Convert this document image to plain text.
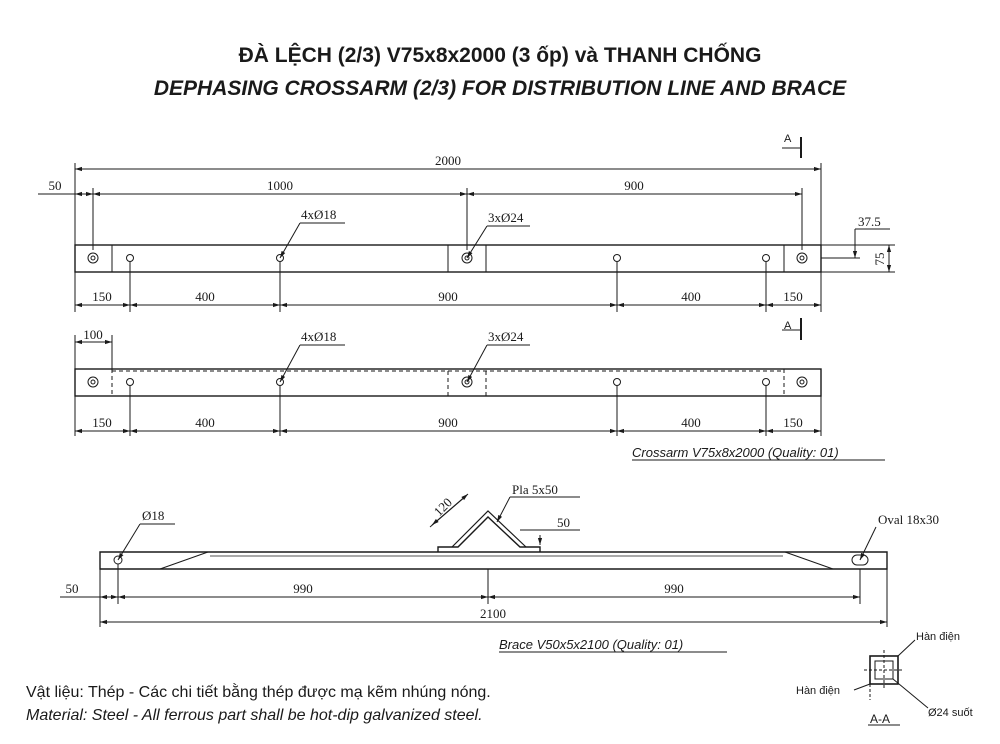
ĐÀ LỆCH (2/3) V75x8x2000 (3 ốp) và THANH CHỐNG
DEPHASING CROSSARM (2/3) FOR DISTRIBUTION LINE AND BRACE
A
2000
50	1000	900
37.5
75
4xØ18	3xØ24
150	400	900	400	150
A
100	4xØ18	3xØ24
150	400	900	400	150
Crossarm V75x8x2000 (Quality: 01)
Ø18
Pla 5x50
120
50	Oval 18x30
50	990	990
2100
Brace V50x5x2100 (Quality: 01)	Hàn điện
Hàn điện
Ø24 suốt
A-A
Vật liệu: Thép - Các chi tiết bằng thép được mạ kẽm nhúng nóng.
Material: Steel - All ferrous part shall be hot-dip galvanized steel.
